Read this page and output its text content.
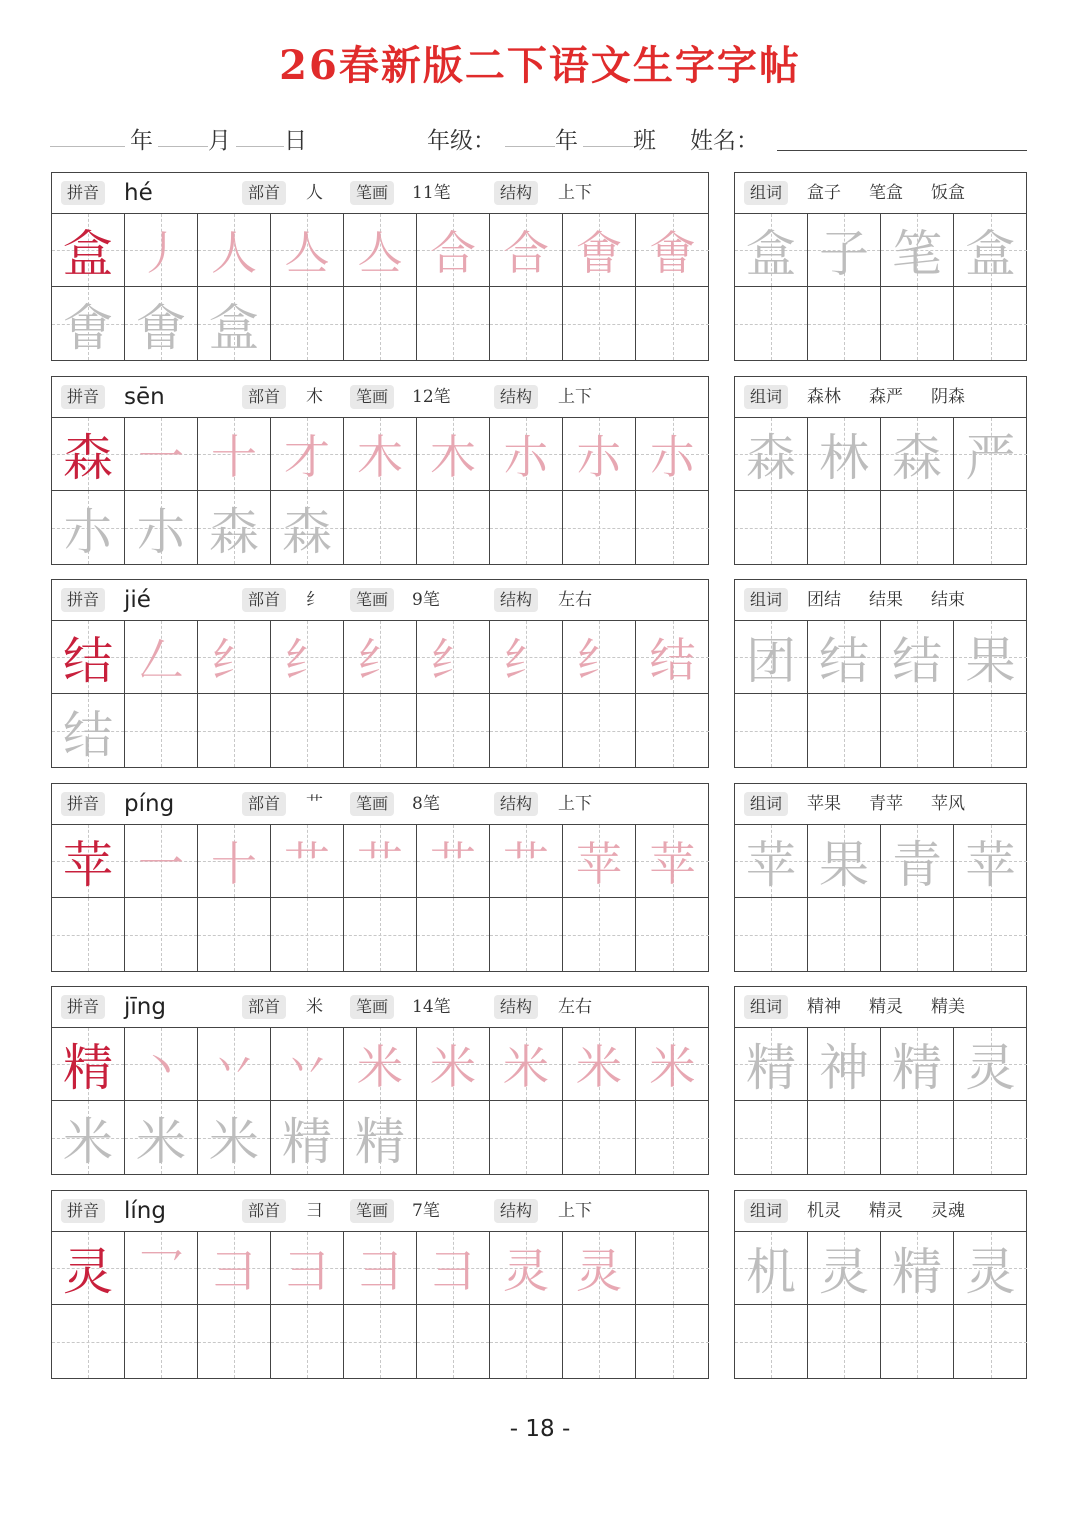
26春新版二下语文生字字帖
年 月 日	年级：	年 班 姓名：
拼音 hé	部首	人	笔画	11笔	结构	上下
盒 丿 人 亼 亼 合 合 㑹 㑹
㑹 㑹 盒
组词	盒子 笔盒 饭盒
盒 子 笔 盒
拼音 sēn	部首	木	笔画	12笔	结构	上下
森 一 十 才 木 木 朩 朩 朩
朩 朩 森 森
组词	森林 森严 阴森
森 林 森 严
拼音 jié	部首	纟	笔画	9笔	结构	左右
结 𠃋 纟 纟 纟 纟 纟 纟 结
结
组词	团结 结果 结束
团 结 结 果
拼音 píng	部首	艹	笔画	8笔	结构	上下
苹 一 十 艹 艹 艹 艹 苹 苹
组词	苹果 青苹 苹风
苹 果 青 苹
拼音 jīng	部首	米	笔画	14笔	结构	左右
精 丶 丷 丷 米 米 米 米 米
米 米 米 精 精
组词	精神 精灵 精美
精 神 精 灵
拼音 líng	部首	彐	笔画	7笔	结构	上下
灵 乛 彐 彐 彐 彐 灵 灵
组词	机灵 精灵 灵魂
机 灵 精 灵
- 18 -
